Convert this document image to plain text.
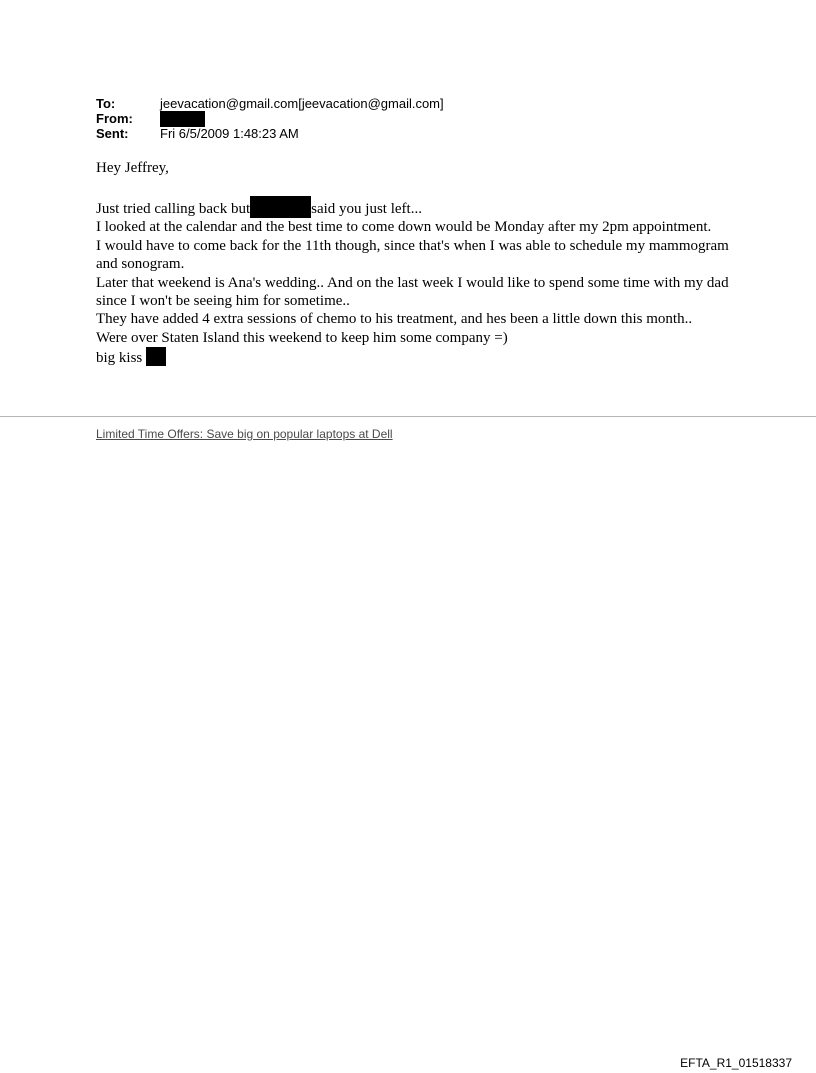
To:	jeevacation@gmail.com[jeevacation@gmail.com]
From:
Sent:	Fri 6/5/2009 1:48:23 AM

Hey Jeffrey,

Just tried calling back but	said you just left...

I looked at the calendar and the best time to come down would be Monday after my 2pm appointment.

I would have to come back for the 11th though, since that's when I was able to schedule my mammogram and sonogram.

Later that weekend is Ana's wedding.. And on the last week I would like to spend some time with my dad since I won't be seeing him for sometime..

They have added 4 extra sessions of chemo to his treatment, and hes been a little down this month..

Were over Staten Island this weekend to keep him some company =)

big kiss

Limited Time Offers: Save big on popular laptops at Dell
EFTA_R1_01518337
